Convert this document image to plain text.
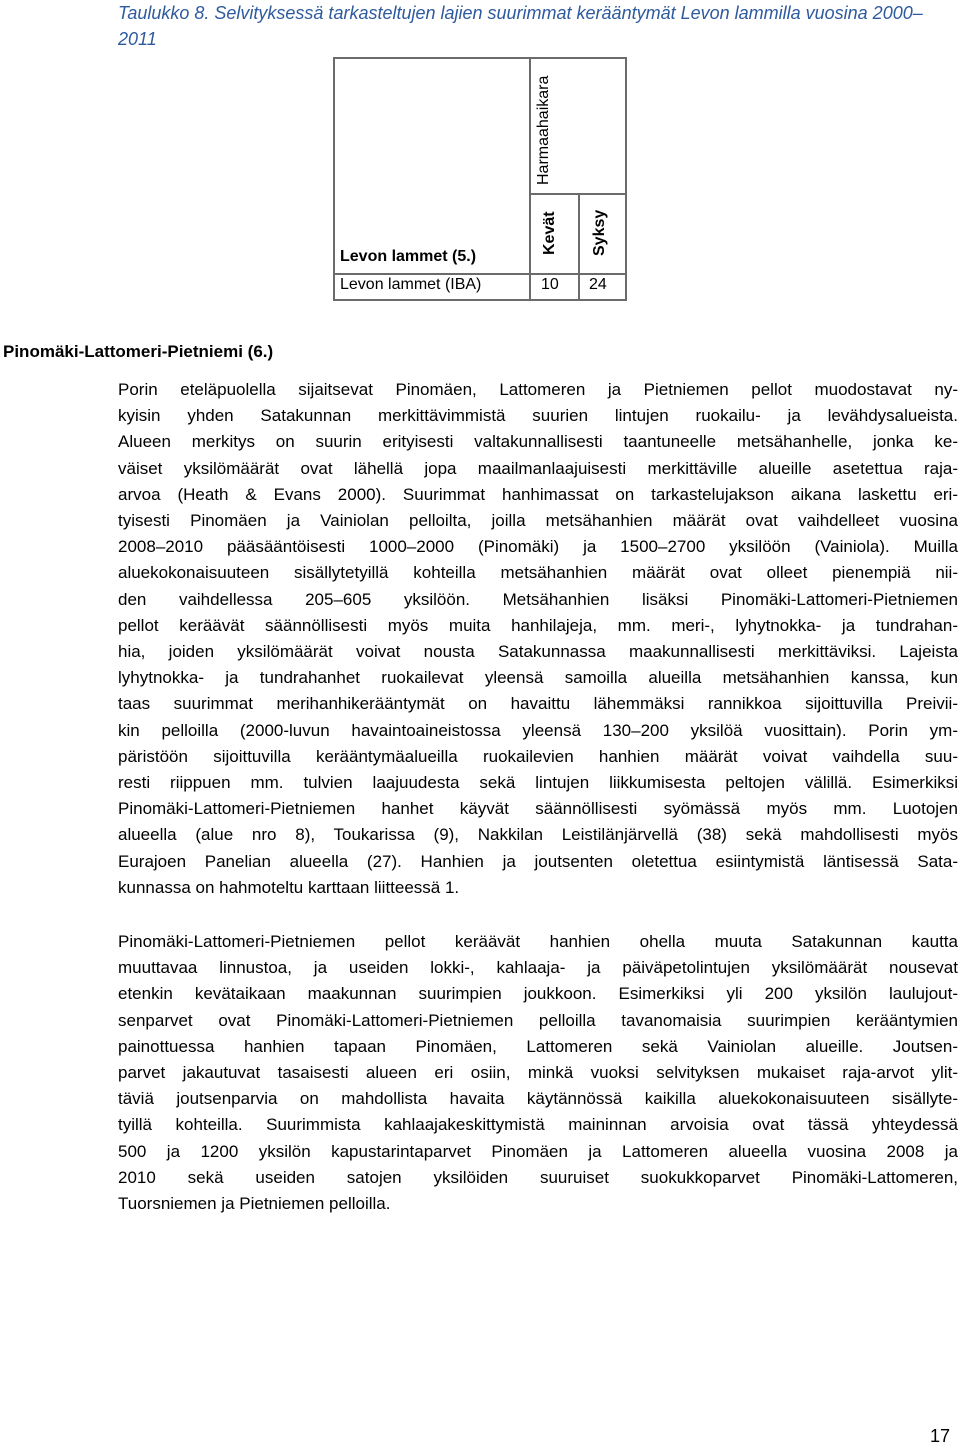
Taulukko 8. Selvityksessä tarkasteltujen lajien suurimmat kerääntymät Levon lammilla vuosina 2000–2011
Harmaahaikara
Kevät Syksy
Levon lammet (5.)
Levon lammet (IBA)	10 24
Pinomäki-Lattomeri-Pietniemi (6.)
Porin eteläpuolella sijaitsevat Pinomäen, Lattomeren ja Pietniemen pellot muodostavat ny-
kyisin yhden Satakunnan merkittävimmistä suurien lintujen ruokailu- ja levähdysalueista.
Alueen merkitys on suurin erityisesti valtakunnallisesti taantuneelle metsähanhelle, jonka ke-
väiset yksilömäärät ovat lähellä jopa maailmanlaajuisesti merkittäville alueille asetettua raja-
arvoa (Heath & Evans 2000). Suurimmat hanhimassat on tarkastelujakson aikana laskettu eri-
tyisesti Pinomäen ja Vainiolan pelloilta, joilla metsähanhien määrät ovat vaihdelleet vuosina
2008–2010 pääsääntöisesti 1000–2000 (Pinomäki) ja 1500–2700 yksilöön (Vainiola). Muilla
aluekokonaisuuteen sisällytetyillä kohteilla metsähanhien määrät ovat olleet pienempiä nii-
den vaihdellessa 205–605 yksilöön. Metsähanhien lisäksi Pinomäki-Lattomeri-Pietniemen
pellot keräävät säännöllisesti myös muita hanhilajeja, mm. meri-, lyhytnokka- ja tundrahan-
hia, joiden yksilömäärät voivat nousta Satakunnassa maakunnallisesti merkittäviksi. Lajeista
lyhytnokka- ja tundrahanhet ruokailevat yleensä samoilla alueilla metsähanhien kanssa, kun
taas suurimmat merihanhikerääntymät on havaittu lähemmäksi rannikkoa sijoittuvilla Preivii-
kin pelloilla (2000-luvun havaintoaineistossa yleensä 130–200 yksilöä vuosittain). Porin ym-
päristöön sijoittuvilla kerääntymäalueilla ruokailevien hanhien määrät voivat vaihdella suu-
resti riippuen mm. tulvien laajuudesta sekä lintujen liikkumisesta peltojen välillä. Esimerkiksi
Pinomäki-Lattomeri-Pietniemen hanhet käyvät säännöllisesti syömässä myös mm. Luotojen
alueella (alue nro 8), Toukarissa (9), Nakkilan Leistilänjärvellä (38) sekä mahdollisesti myös
Eurajoen Panelian alueella (27). Hanhien ja joutsenten oletettua esiintymistä läntisessä Sata-
kunnassa on hahmoteltu karttaan liitteessä 1.
Pinomäki-Lattomeri-Pietniemen pellot keräävät hanhien ohella muuta Satakunnan kautta
muuttavaa linnustoa, ja useiden lokki-, kahlaaja- ja päiväpetolintujen yksilömäärät nousevat
etenkin kevätaikaan maakunnan suurimpien joukkoon. Esimerkiksi yli 200 yksilön laulujout-
senparvet ovat Pinomäki-Lattomeri-Pietniemen pelloilla tavanomaisia suurimpien kerääntymien
painottuessa hanhien tapaan Pinomäen, Lattomeren sekä Vainiolan alueille. Joutsen-
parvet jakautuvat tasaisesti alueen eri osiin, minkä vuoksi selvityksen mukaiset raja-arvot ylit-
täviä joutsenparvia on mahdollista havaita käytännössä kaikilla aluekokonaisuuteen sisällyte-
tyillä kohteilla. Suurimmista kahlaajakeskittymistä maininnan arvoisia ovat tässä yhteydessä
500 ja 1200 yksilön kapustarintaparvet Pinomäen ja Lattomeren alueella vuosina 2008 ja
2010 sekä useiden satojen yksilöiden suuruiset suokukkoparvet Pinomäki-Lattomeren,
Tuorsniemen ja Pietniemen pelloilla.
17
